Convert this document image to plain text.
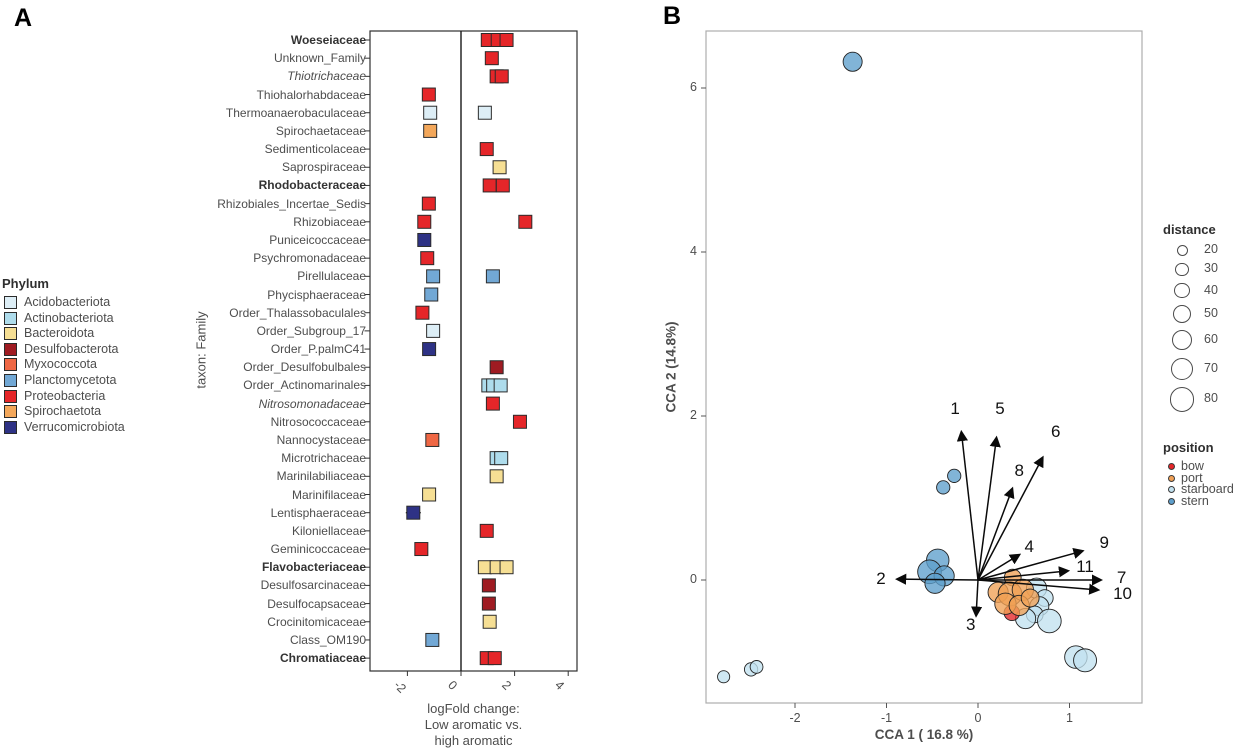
A	B
Phylum
Acidobacteriota
Actinobacteriota
Bacteroidota
Desulfobacterota
Myxococcota
Planctomycetota
Proteobacteria
Spirochaetota
Verrucomicrobiota
taxon: Family
Woeseiaceae
Unknown_Family
Thiotrichaceae
Thiohalorhabdaceae
Thermoanaerobaculaceae
Spirochaetaceae
Sedimenticolaceae
Saprospiraceae
Rhodobacteraceae
Rhizobiales_Incertae_Sedis
Rhizobiaceae
Puniceicoccaceae
Psychromonadaceae
Pirellulaceae
Phycisphaeraceae
Order_Thalassobaculales
Order_Subgroup_17
Order_P.palmC41
Order_Desulfobulbales
Order_Actinomarinales
Nitrosomonadaceae
Nitrosococcaceae
Nannocystaceae
Microtrichaceae
Marinilabiliaceae
Marinifilaceae
Lentisphaeraceae
Kiloniellaceae
Geminicoccaceae
Flavobacteriaceae
Desulfosarcinaceae
Desulfocapsaceae
Crocinitomicaceae
Class_OM190
Chromatiaceae
-2	0	2	4
logFold change:
Low aromatic vs.
high aromatic
-2	-1	0	1
0
2
4
6
1
2
3
4
5
6
7
8
9
10
11
CCA 1 ( 16.8 %)
CCA 2 (14.8%)
distance
20
30
40
50
60
70
80
position
bow
port
starboard
stern
